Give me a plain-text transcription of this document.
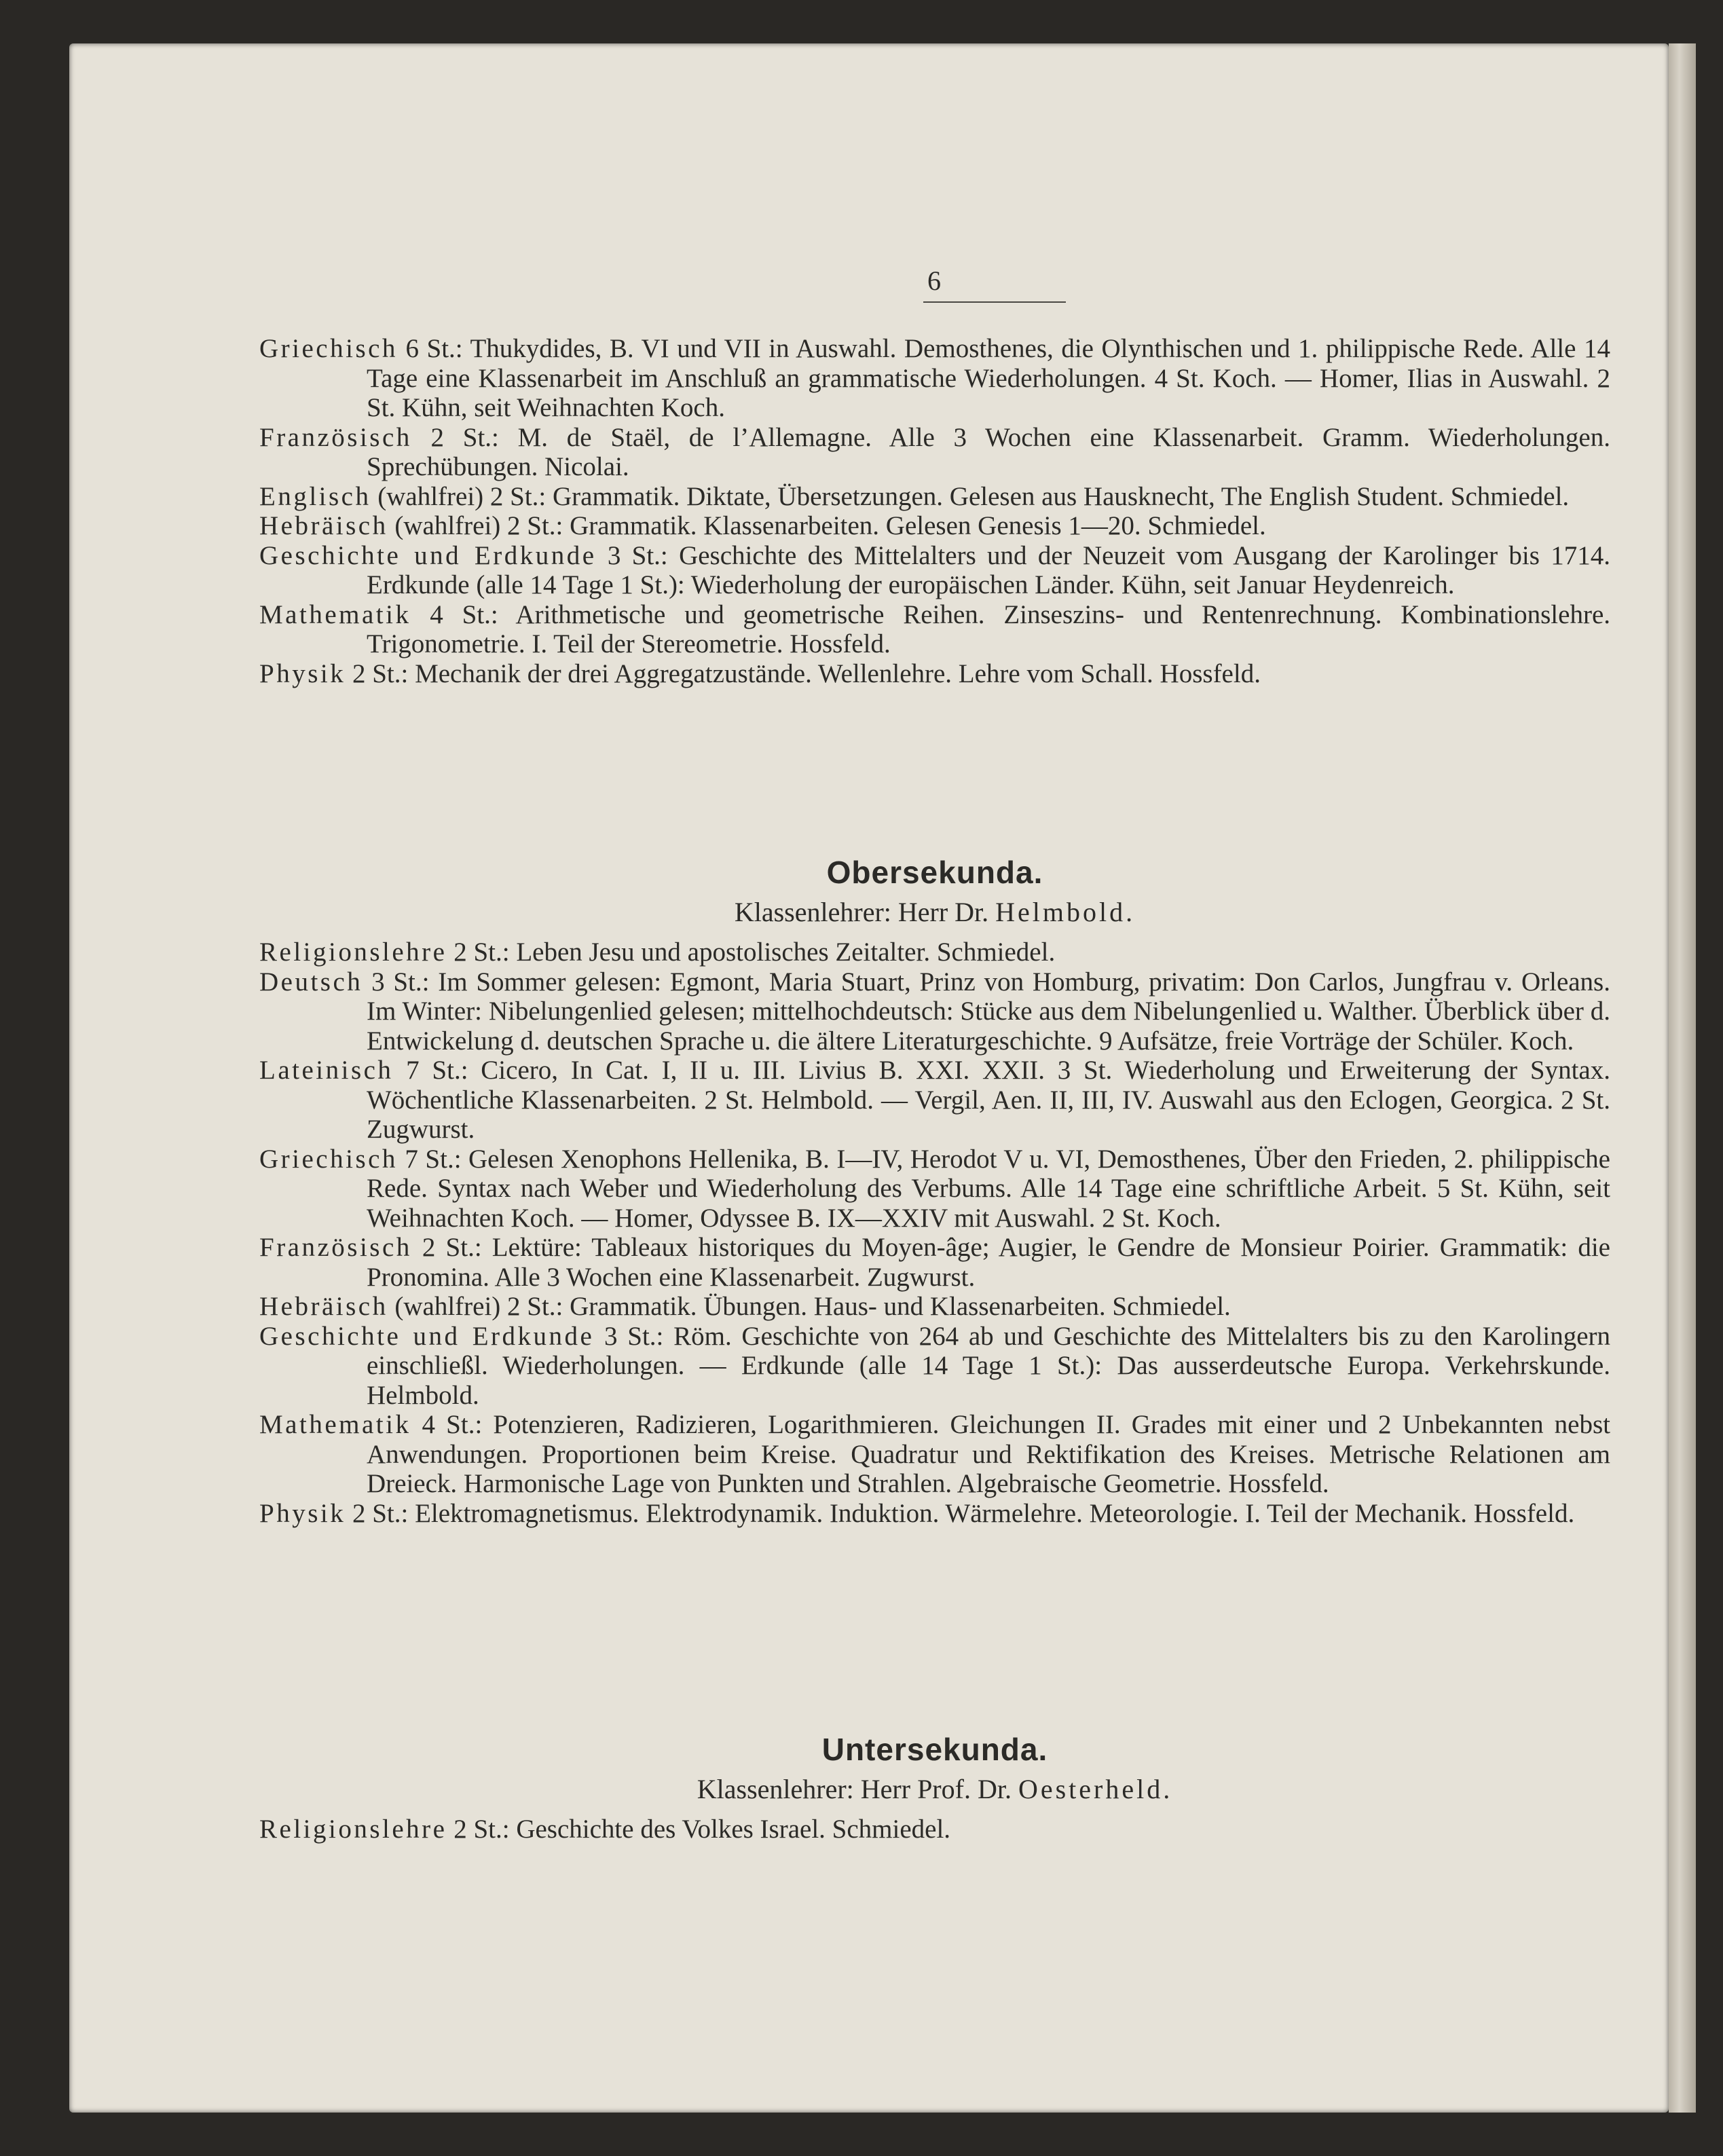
6

Griechisch 6 St.: Thukydides, B. VI und VII in Auswahl. Demosthenes, die Olynthischen und 1. philippische Rede. Alle 14 Tage eine Klassenarbeit im Anschluß an grammatische Wiederholungen. 4 St. Koch. — Homer, Ilias in Auswahl. 2 St. Kühn, seit Weihnachten Koch.

Französisch 2 St.: M. de Staël, de l’Allemagne. Alle 3 Wochen eine Klassenarbeit. Gramm. Wiederholungen. Sprechübungen. Nicolai.

Englisch (wahlfrei) 2 St.: Grammatik. Diktate, Übersetzungen. Gelesen aus Hausknecht, The English Student. Schmiedel.

Hebräisch (wahlfrei) 2 St.: Grammatik. Klassenarbeiten. Gelesen Genesis 1—20. Schmiedel.

Geschichte und Erdkunde 3 St.: Geschichte des Mittelalters und der Neuzeit vom Ausgang der Karolinger bis 1714. Erdkunde (alle 14 Tage 1 St.): Wiederholung der europäischen Länder. Kühn, seit Januar Heydenreich.

Mathematik 4 St.: Arithmetische und geometrische Reihen. Zinseszins- und Rentenrechnung. Kombinationslehre. Trigonometrie. I. Teil der Stereometrie. Hossfeld.

Physik 2 St.: Mechanik der drei Aggregatzustände. Wellenlehre. Lehre vom Schall. Hossfeld.

Obersekunda.
Klassenlehrer: Herr Dr. Helmbold.

Religionslehre 2 St.: Leben Jesu und apostolisches Zeitalter. Schmiedel.

Deutsch 3 St.: Im Sommer gelesen: Egmont, Maria Stuart, Prinz von Homburg, privatim: Don Carlos, Jungfrau v. Orleans. Im Winter: Nibelungenlied gelesen; mittelhochdeutsch: Stücke aus dem Nibelungenlied u. Walther. Überblick über d. Entwickelung d. deutschen Sprache u. die ältere Literaturgeschichte. 9 Aufsätze, freie Vorträge der Schüler. Koch.

Lateinisch 7 St.: Cicero, In Cat. I, II u. III. Livius B. XXI. XXII. 3 St. Wiederholung und Erweiterung der Syntax. Wöchentliche Klassenarbeiten. 2 St. Helmbold. — Vergil, Aen. II, III, IV. Auswahl aus den Eclogen, Georgica. 2 St. Zugwurst.

Griechisch 7 St.: Gelesen Xenophons Hellenika, B. I—IV, Herodot V u. VI, Demosthenes, Über den Frieden, 2. philippische Rede. Syntax nach Weber und Wiederholung des Verbums. Alle 14 Tage eine schriftliche Arbeit. 5 St. Kühn, seit Weihnachten Koch. — Homer, Odyssee B. IX—XXIV mit Auswahl. 2 St. Koch.

Französisch 2 St.: Lektüre: Tableaux historiques du Moyen-âge; Augier, le Gendre de Monsieur Poirier. Grammatik: die Pronomina. Alle 3 Wochen eine Klassenarbeit. Zugwurst.

Hebräisch (wahlfrei) 2 St.: Grammatik. Übungen. Haus- und Klassenarbeiten. Schmiedel.

Geschichte und Erdkunde 3 St.: Röm. Geschichte von 264 ab und Geschichte des Mittelalters bis zu den Karolingern einschließl. Wiederholungen. — Erdkunde (alle 14 Tage 1 St.): Das ausserdeutsche Europa. Verkehrskunde. Helmbold.

Mathematik 4 St.: Potenzieren, Radizieren, Logarithmieren. Gleichungen II. Grades mit einer und 2 Unbekannten nebst Anwendungen. Proportionen beim Kreise. Quadratur und Rektifikation des Kreises. Metrische Relationen am Dreieck. Harmonische Lage von Punkten und Strahlen. Algebraische Geometrie. Hossfeld.

Physik 2 St.: Elektromagnetismus. Elektrodynamik. Induktion. Wärmelehre. Meteorologie. I. Teil der Mechanik. Hossfeld.

Untersekunda.
Klassenlehrer: Herr Prof. Dr. Oesterheld.

Religionslehre 2 St.: Geschichte des Volkes Israel. Schmiedel.
